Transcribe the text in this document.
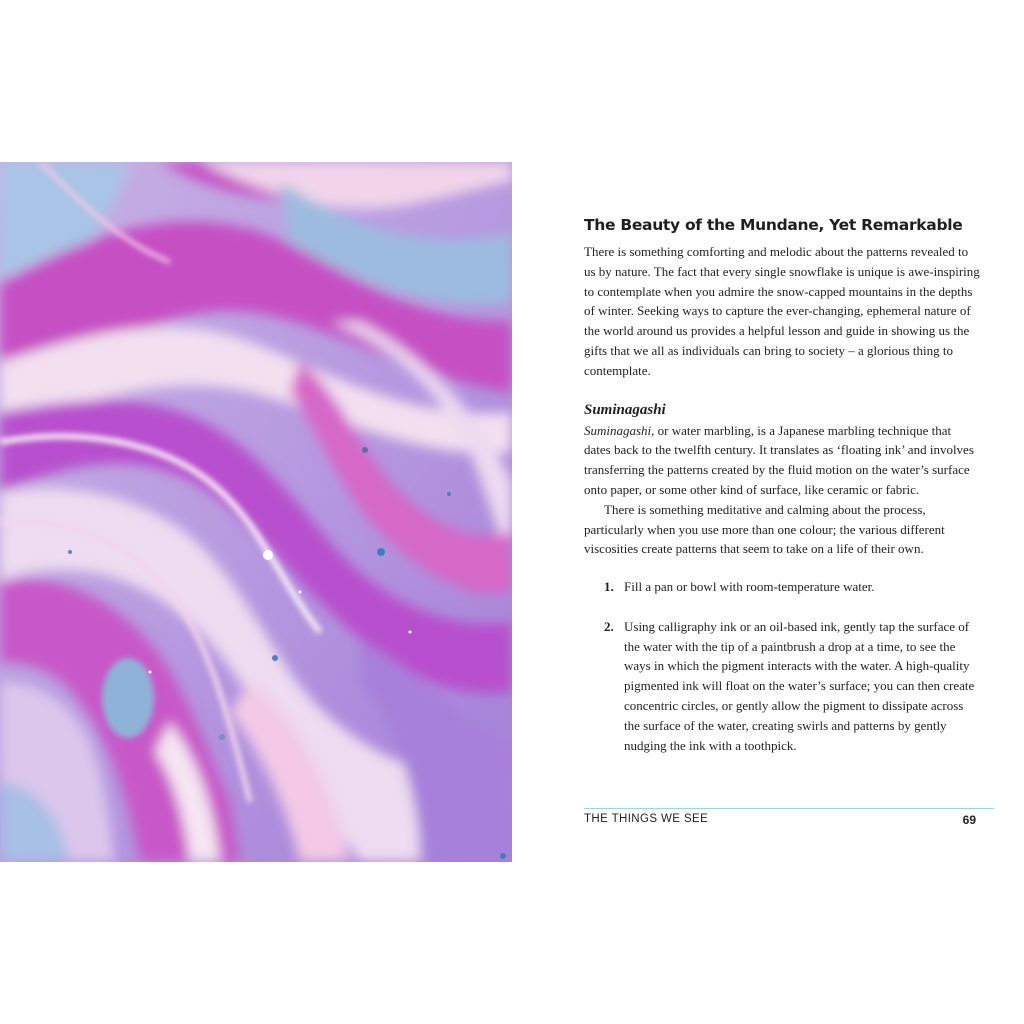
The Beauty of the Mundane, Yet Remarkable

There is something comforting and melodic about the patterns revealed to us by nature. The fact that every single snowflake is unique is awe-inspiring to contemplate when you admire the snow-capped mountains in the depths of winter. Seeking ways to capture the ever-changing, ephemeral nature of the world around us provides a helpful lesson and guide in showing us the gifts that we all as individuals can bring to society – a glorious thing to contemplate.

Suminagashi

Suminagashi, or water marbling, is a Japanese marbling technique that dates back to the twelfth century. It translates as ‘floating ink’ and involves transferring the patterns created by the fluid motion on the water’s surface onto paper, or some other kind of surface, like ceramic or fabric.

There is something meditative and calming about the process, particularly when you use more than one colour; the various different viscosities create patterns that seem to take on a life of their own.

1. Fill a pan or bowl with room-temperature water.
2. Using calligraphy ink or an oil-based ink, gently tap the surface of the water with the tip of a paintbrush a drop at a time, to see the ways in which the pigment interacts with the water. A high-quality pigmented ink will float on the water’s surface; you can then create concentric circles, or gently allow the pigment to dissipate across the surface of the water, creating swirls and patterns by gently nudging the ink with a toothpick.
THE THINGS WE SEE	69
